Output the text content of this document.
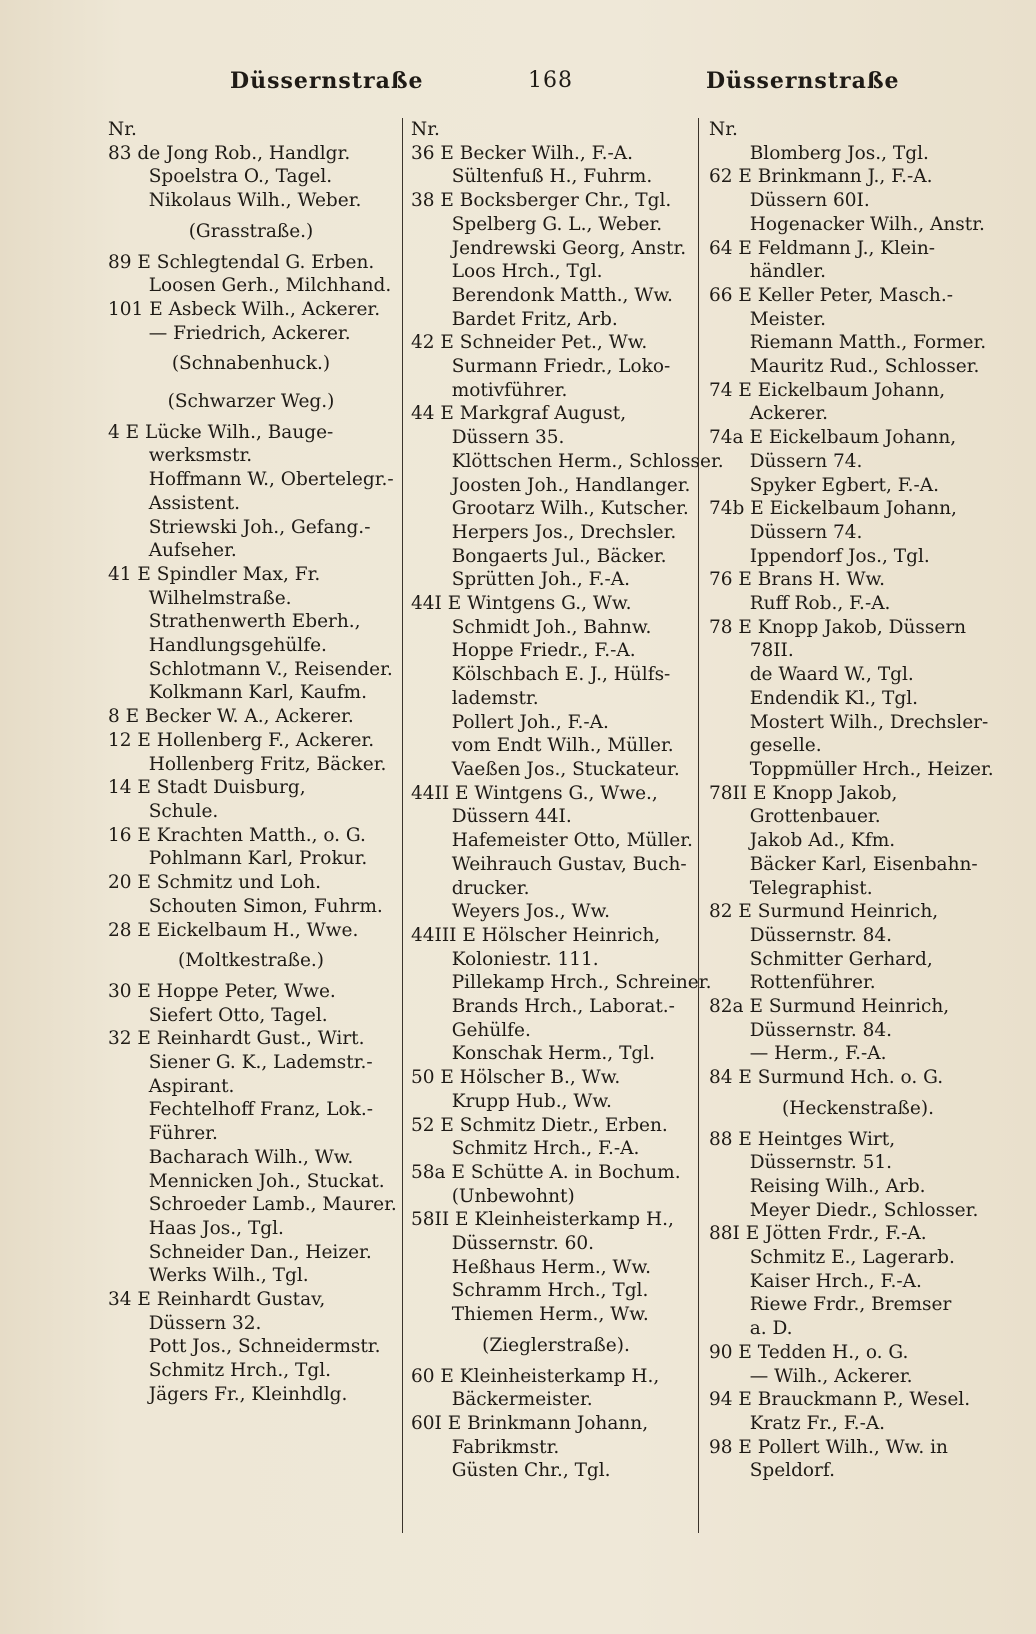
Düssernstraße	168	Düssernstraße
Nr.
83 de Jong Rob., Handlgr.
Spoelstra O., Tagel.
Nikolaus Wilh., Weber.
(Grasstraße.)
89 E Schlegtendal G. Erben.
Loosen Gerh., Milchhand.
101 E Asbeck Wilh., Ackerer.
— Friedrich, Ackerer.
(Schnabenhuck.)
(Schwarzer Weg.)
4 E Lücke Wilh., Bauge-
werksmstr.
Hoffmann W., Obertelegr.-
Assistent.
Striewski Joh., Gefang.-
Aufseher.
41 E Spindler Max, Fr.
Wilhelmstraße.
Strathenwerth Eberh.,
Handlungsgehülfe.
Schlotmann V., Reisender.
Kolkmann Karl, Kaufm.
8 E Becker W. A., Ackerer.
12 E Hollenberg F., Ackerer.
Hollenberg Fritz, Bäcker.
14 E Stadt Duisburg,
Schule.
16 E Krachten Matth., o. G.
Pohlmann Karl, Prokur.
20 E Schmitz und Loh.
Schouten Simon, Fuhrm.
28 E Eickelbaum H., Wwe.
(Moltkestraße.)
30 E Hoppe Peter, Wwe.
Siefert Otto, Tagel.
32 E Reinhardt Gust., Wirt.
Siener G. K., Lademstr.-
Aspirant.
Fechtelhoff Franz, Lok.-
Führer.
Bacharach Wilh., Ww.
Mennicken Joh., Stuckat.
Schroeder Lamb., Maurer.
Haas Jos., Tgl.
Schneider Dan., Heizer.
Werks Wilh., Tgl.
34 E Reinhardt Gustav,
Düssern 32.
Pott Jos., Schneidermstr.
Schmitz Hrch., Tgl.
Jägers Fr., Kleinhdlg.
Nr.
36 E Becker Wilh., F.-A.
Sültenfuß H., Fuhrm.
38 E Bocksberger Chr., Tgl.
Spelberg G. L., Weber.
Jendrewski Georg, Anstr.
Loos Hrch., Tgl.
Berendonk Matth., Ww.
Bardet Fritz, Arb.
42 E Schneider Pet., Ww.
Surmann Friedr., Loko-
motivführer.
44 E Markgraf August,
Düssern 35.
Klöttschen Herm., Schlosser.
Joosten Joh., Handlanger.
Grootarz Wilh., Kutscher.
Herpers Jos., Drechsler.
Bongaerts Jul., Bäcker.
Sprütten Joh., F.-A.
44I E Wintgens G., Ww.
Schmidt Joh., Bahnw.
Hoppe Friedr., F.-A.
Kölschbach E. J., Hülfs-
lademstr.
Pollert Joh., F.-A.
vom Endt Wilh., Müller.
Vaeßen Jos., Stuckateur.
44II E Wintgens G., Wwe.,
Düssern 44I.
Hafemeister Otto, Müller.
Weihrauch Gustav, Buch-
drucker.
Weyers Jos., Ww.
44III E Hölscher Heinrich,
Koloniestr. 111.
Pillekamp Hrch., Schreiner.
Brands Hrch., Laborat.-
Gehülfe.
Konschak Herm., Tgl.
50 E Hölscher B., Ww.
Krupp Hub., Ww.
52 E Schmitz Dietr., Erben.
Schmitz Hrch., F.-A.
58a E Schütte A. in Bochum.
(Unbewohnt)
58II E Kleinheisterkamp H.,
Düssernstr. 60.
Heßhaus Herm., Ww.
Schramm Hrch., Tgl.
Thiemen Herm., Ww.
(Zieglerstraße).
60 E Kleinheisterkamp H.,
Bäckermeister.
60I E Brinkmann Johann,
Fabrikmstr.
Güsten Chr., Tgl.
Nr.
Blomberg Jos., Tgl.
62 E Brinkmann J., F.-A.
Düssern 60I.
Hogenacker Wilh., Anstr.
64 E Feldmann J., Klein-
händler.
66 E Keller Peter, Masch.-
Meister.
Riemann Matth., Former.
Mauritz Rud., Schlosser.
74 E Eickelbaum Johann,
Ackerer.
74a E Eickelbaum Johann,
Düssern 74.
Spyker Egbert, F.-A.
74b E Eickelbaum Johann,
Düssern 74.
Ippendorf Jos., Tgl.
76 E Brans H. Ww.
Ruff Rob., F.-A.
78 E Knopp Jakob, Düssern
78II.
de Waard W., Tgl.
Endendik Kl., Tgl.
Mostert Wilh., Drechsler-
geselle.
Toppmüller Hrch., Heizer.
78II E Knopp Jakob,
Grottenbauer.
Jakob Ad., Kfm.
Bäcker Karl, Eisenbahn-
Telegraphist.
82 E Surmund Heinrich,
Düssernstr. 84.
Schmitter Gerhard,
Rottenführer.
82a E Surmund Heinrich,
Düssernstr. 84.
— Herm., F.-A.
84 E Surmund Hch. o. G.
(Heckenstraße).
88 E Heintges Wirt,
Düssernstr. 51.
Reising Wilh., Arb.
Meyer Diedr., Schlosser.
88I E Jötten Frdr., F.-A.
Schmitz E., Lagerarb.
Kaiser Hrch., F.-A.
Riewe Frdr., Bremser
a. D.
90 E Tedden H., o. G.
— Wilh., Ackerer.
94 E Brauckmann P., Wesel.
Kratz Fr., F.-A.
98 E Pollert Wilh., Ww. in
Speldorf.
